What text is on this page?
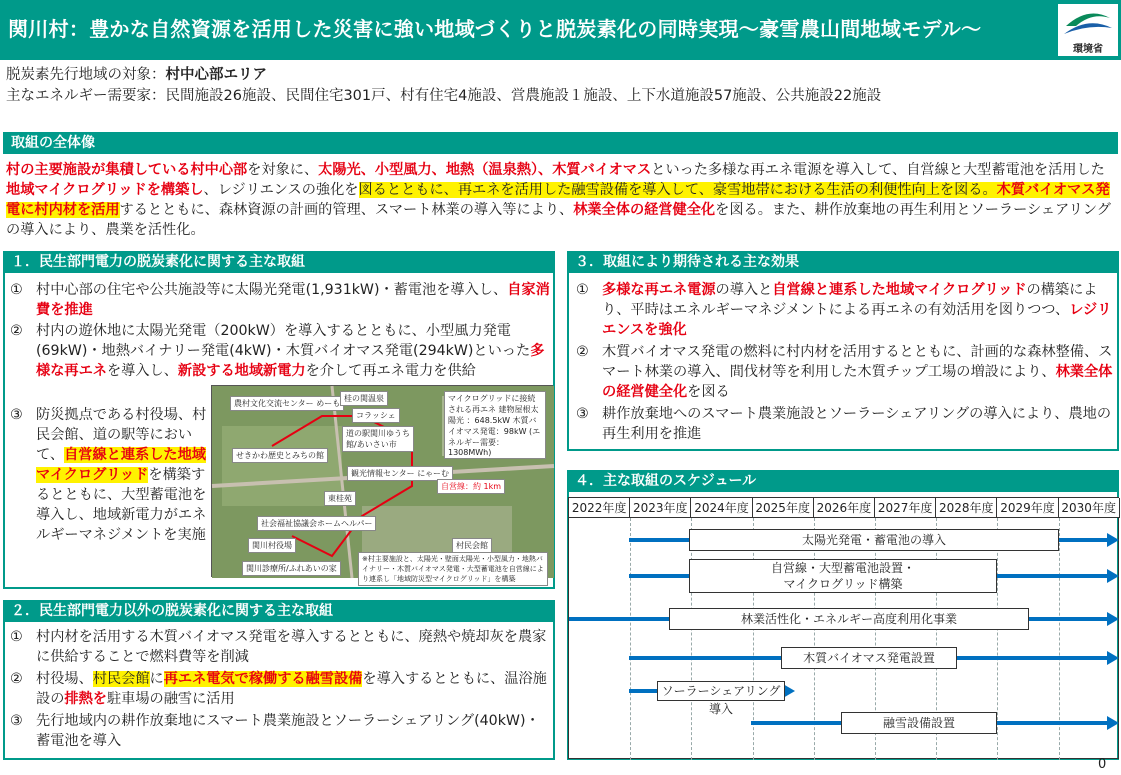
関川村：豊かな自然資源を活用した災害に強い地域づくりと脱炭素化の同時実現～豪雪農山間地域モデル～
環境省
脱炭素先行地域の対象：村中心部エリア
主なエネルギー需要家：民間施設26施設、民間住宅301戸、村有住宅4施設、営農施設１施設、上下水道施設57施設、公共施設22施設
取組の全体像
村の主要施設が集積している村中心部を対象に、太陽光、小型風力、地熱（温泉熱）、木質バイオマスといった多様な再エネ電源を導入して、自営線と大型蓄電池を活用した地域マイクログリッドを構築し、レジリエンスの強化を図るとともに、再エネを活用した融雪設備を導入して、豪雪地帯における生活の利便性向上を図る。木質バイオマス発電に村内材を活用するとともに、森林資源の計画的管理、スマート林業の導入等により、林業全体の経営健全化を図る。また、耕作放棄地の再生利用とソーラーシェアリングの導入により、農業を活性化。
１．民生部門電力の脱炭素化に関する主な取組
① 村中心部の住宅や公共施設等に太陽光発電(1,931kW)・蓄電池を導入し、自家消費を推進
② 村内の遊休地に太陽光発電（200kW）を導入するとともに、小型風力発電(69kW)・地熱バイナリー発電(4kW)・木質バイオマス発電(294kW)といった多様な再エネを導入し、新設する地域新電力を介して再エネ電力を供給
③ 防災拠点である村役場、村民会館、道の駅等において、自営線と連系した地域マイクログリッドを構築するとともに、大型蓄電池を導入し、地域新電力がエネルギーマネジメントを実施
農村文化交流センター めーも
桂の関温泉
コラッシェ
道の駅関川ゆうち館/あいさい市
せきかわ歴史とみちの館
観光情報センター にゃーむ
マイクログリッドに接続される再エネ 建物屋根太陽光 ：648.5kW 木質バイオマス発電：98kW (エネルギー需要：1308MWh)
自営線：約 1km
東桂苑
社会福祉協議会ホームヘルパー
関川村役場	村民会館
関川診療所/ふれあいの家
※村主要施設と、太陽光・壁面太陽光・小型風力・地熱バイナリー・木質バイオマス発電・大型蓄電池を自営線により連系し「地域防災型マイクログリッド」を構築
２．民生部門電力以外の脱炭素化に関する主な取組
① 村内材を活用する木質バイオマス発電を導入するとともに、廃熱や焼却灰を農家に供給することで燃料費等を削減
② 村役場、村民会館に再エネ電気で稼働する融雪設備を導入するとともに、温浴施設の排熱を駐車場の融雪に活用
③ 先行地域内の耕作放棄地にスマート農業施設とソーラーシェアリング(40kW)・蓄電池を導入
３．取組により期待される主な効果
① 多様な再エネ電源の導入と自営線と連系した地域マイクログリッドの構築により、平時はエネルギーマネジメントによる再エネの有効活用を図りつつ、レジリエンスを強化
② 木質バイオマス発電の燃料に村内材を活用するとともに、計画的な森林整備、スマート林業の導入、間伐材等を利用した木質チップ工場の増設により、林業全体の経営健全化を図る
③ 耕作放棄地へのスマート農業施設とソーラーシェアリングの導入により、農地の再生利用を推進
４．主な取組のスケジュール
2022年度 2023年度 2024年度 2025年度 2026年度 2027年度 2028年度 2029年度 2030年度
太陽光発電・蓄電池の導入
自営線・大型蓄電池設置・
マイクログリッド構築
林業活性化・エネルギー高度利用化事業
木質バイオマス発電設置
ソーラーシェアリング導入
融雪設備設置
0
